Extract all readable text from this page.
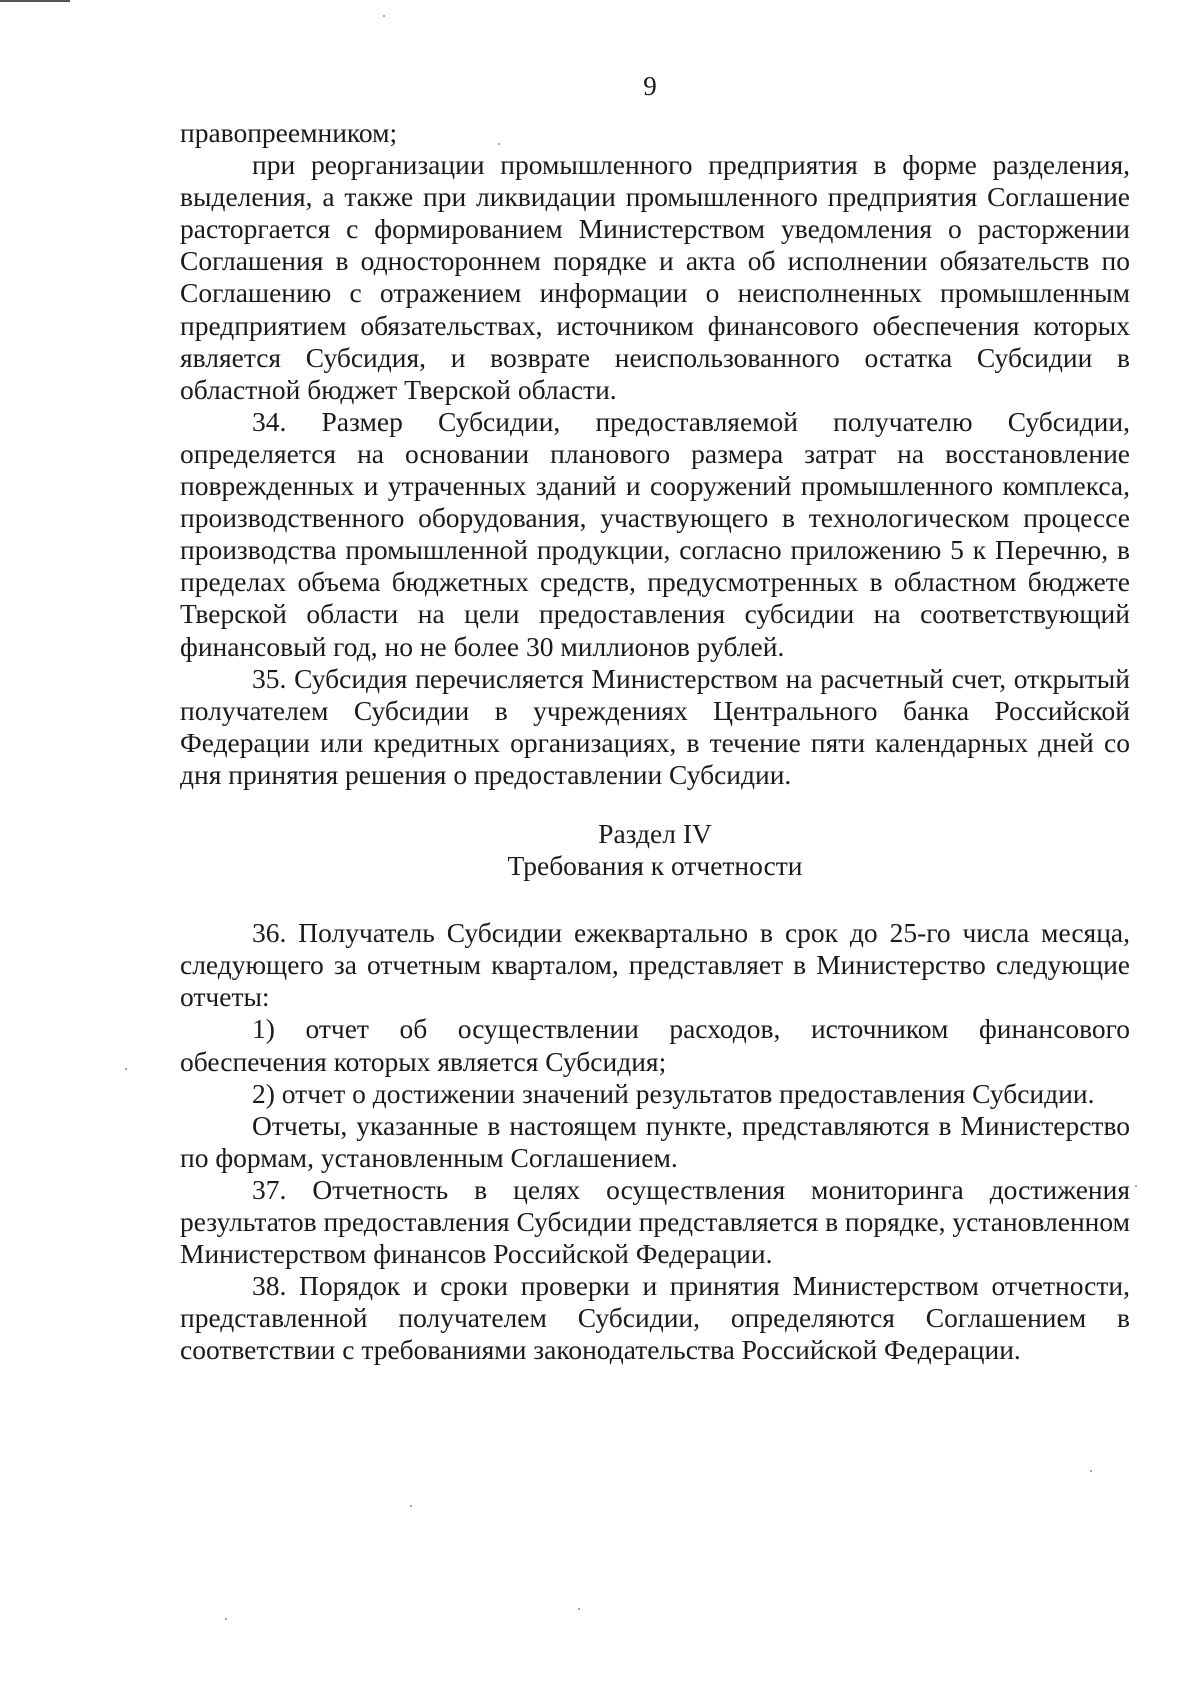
9

правопреемником;

при реорганизации промышленного предприятия в форме разделения, выделения, а также при ликвидации промышленного предприятия Соглашение расторгается с формированием Министерством уведомления о расторжении Соглашения в одностороннем порядке и акта об исполнении обязательств по Соглашению с отражением информации о неисполненных промышленным предприятием обязательствах, источником финансового обеспечения которых является Субсидия, и возврате неиспользованного остатка Субсидии в областной бюджет Тверской области.

34. Размер Субсидии, предоставляемой получателю Субсидии, определяется на основании планового размера затрат на восстановление поврежденных и утраченных зданий и сооружений промышленного комплекса, производственного оборудования, участвующего в технологическом процессе производства промышленной продукции, согласно приложению 5 к Перечню, в пределах объема бюджетных средств, предусмотренных в областном бюджете Тверской области на цели предоставления субсидии на соответствующий финансовый год, но не более 30 миллионов рублей.

35. Субсидия перечисляется Министерством на расчетный счет, открытый получателем Субсидии в учреждениях Центрального банка Российской Федерации или кредитных организациях, в течение пяти календарных дней со дня принятия решения о предоставлении Субсидии.

Раздел IV
Требования к отчетности

36. Получатель Субсидии ежеквартально в срок до 25-го числа месяца, следующего за отчетным кварталом, представляет в Министерство следующие отчеты:

1) отчет об осуществлении расходов, источником финансового обеспечения которых является Субсидия;

2) отчет о достижении значений результатов предоставления Субсидии.

Отчеты, указанные в настоящем пункте, представляются в Министерство по формам, установленным Соглашением.

37. Отчетность в целях осуществления мониторинга достижения результатов предоставления Субсидии представляется в порядке, установленном Министерством финансов Российской Федерации.

38. Порядок и сроки проверки и принятия Министерством отчетности, представленной получателем Субсидии, определяются Соглашением в соответствии с требованиями законодательства Российской Федерации.
